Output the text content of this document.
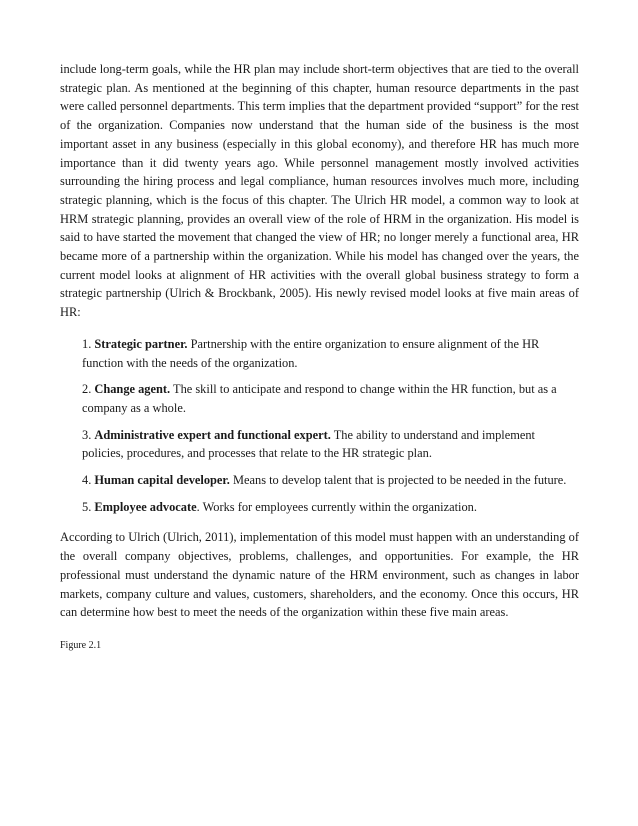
include long-term goals, while the HR plan may include short-term objectives that are tied to the overall strategic plan. As mentioned at the beginning of this chapter, human resource departments in the past were called personnel departments. This term implies that the department provided “support” for the rest of the organization. Companies now understand that the human side of the business is the most important asset in any business (especially in this global economy), and therefore HR has much more importance than it did twenty years ago. While personnel management mostly involved activities surrounding the hiring process and legal compliance, human resources involves much more, including strategic planning, which is the focus of this chapter. The Ulrich HR model, a common way to look at HRM strategic planning, provides an overall view of the role of HRM in the organization. His model is said to have started the movement that changed the view of HR; no longer merely a functional area, HR became more of a partnership within the organization. While his model has changed over the years, the current model looks at alignment of HR activities with the overall global business strategy to form a strategic partnership (Ulrich & Brockbank, 2005). His newly revised model looks at five main areas of HR:

1. Strategic partner. Partnership with the entire organization to ensure alignment of the HR function with the needs of the organization.
2. Change agent. The skill to anticipate and respond to change within the HR function, but as a company as a whole.
3. Administrative expert and functional expert. The ability to understand and implement policies, procedures, and processes that relate to the HR strategic plan.
4. Human capital developer. Means to develop talent that is projected to be needed in the future.
5. Employee advocate. Works for employees currently within the organization.

According to Ulrich (Ulrich, 2011), implementation of this model must happen with an understanding of the overall company objectives, problems, challenges, and opportunities. For example, the HR professional must understand the dynamic nature of the HRM environment, such as changes in labor markets, company culture and values, customers, shareholders, and the economy. Once this occurs, HR can determine how best to meet the needs of the organization within these five main areas.

Figure 2.1
